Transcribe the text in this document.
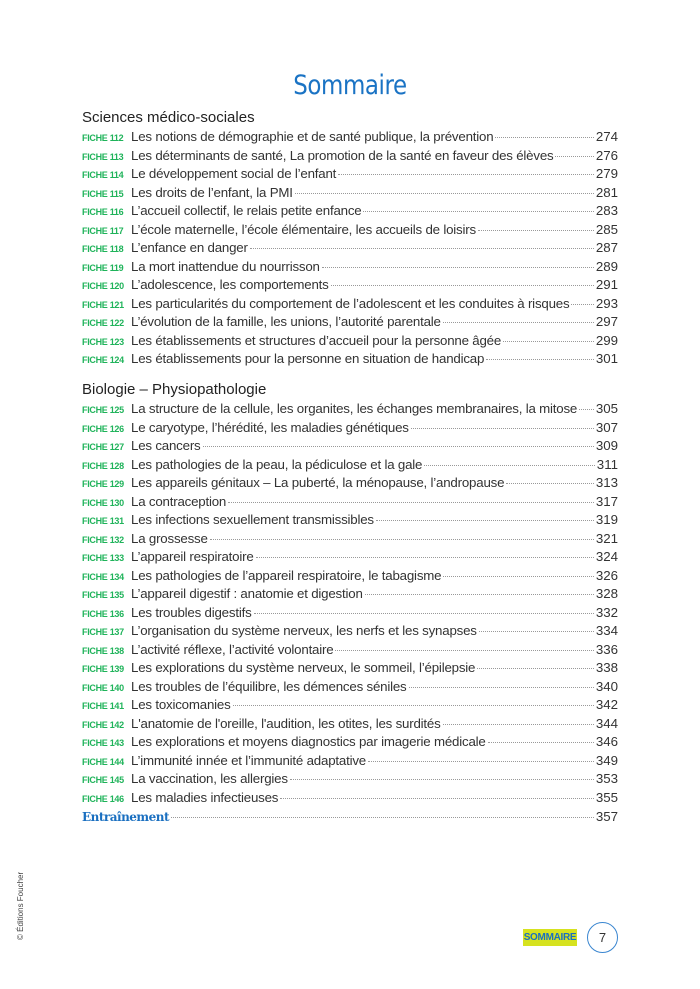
Sommaire
Sciences médico-sociales
FICHE 112 Les notions de démographie et de santé publique, la prévention	274
FICHE 113 Les déterminants de santé, La promotion de la santé en faveur des élèves	276
FICHE 114 Le développement social de l’enfant	279
FICHE 115 Les droits de l’enfant, la PMI	281
FICHE 116 L’accueil collectif, le relais petite enfance	283
FICHE 117 L’école maternelle, l’école élémentaire, les accueils de loisirs	285
FICHE 118 L’enfance en danger	287
FICHE 119 La mort inattendue du nourrisson	289
FICHE 120 L’adolescence, les comportements	291
FICHE 121 Les particularités du comportement de l’adolescent et les conduites à risques 293
FICHE 122 L’évolution de la famille, les unions, l’autorité parentale	297
FICHE 123 Les établissements et structures d’accueil pour la personne âgée	299
FICHE 124 Les établissements pour la personne en situation de handicap	301
Biologie – Physiopathologie
FICHE 125 La structure de la cellule, les organites, les échanges membranaires, la mitose 305
FICHE 126 Le caryotype, l’hérédité, les maladies génétiques	307
FICHE 127 Les cancers	309
FICHE 128 Les pathologies de la peau, la pédiculose et la gale	311
FICHE 129 Les appareils génitaux – La puberté, la ménopause, l’andropause	313
FICHE 130 La contraception	317
FICHE 131 Les infections sexuellement transmissibles	319
FICHE 132 La grossesse	321
FICHE 133 L’appareil respiratoire	324
FICHE 134 Les pathologies de l’appareil respiratoire, le tabagisme	326
FICHE 135 L’appareil digestif : anatomie et digestion	328
FICHE 136 Les troubles digestifs	332
FICHE 137 L’organisation du système nerveux, les nerfs et les synapses	334
FICHE 138 L’activité réflexe, l’activité volontaire	336
FICHE 139 Les explorations du système nerveux, le sommeil, l’épilepsie	338
FICHE 140 Les troubles de l’équilibre, les démences séniles	340
FICHE 141 Les toxicomanies	342
FICHE 142 L'anatomie de l'oreille, l'audition, les otites, les surdités	344
FICHE 143 Les explorations et moyens diagnostics par imagerie médicale	346
FICHE 144 L’immunité innée et l’immunité adaptative	349
FICHE 145 La vaccination, les allergies	353
FICHE 146 Les maladies infectieuses	355
Entraînement	357
© Éditions Foucher	SOMMAIRE	7
